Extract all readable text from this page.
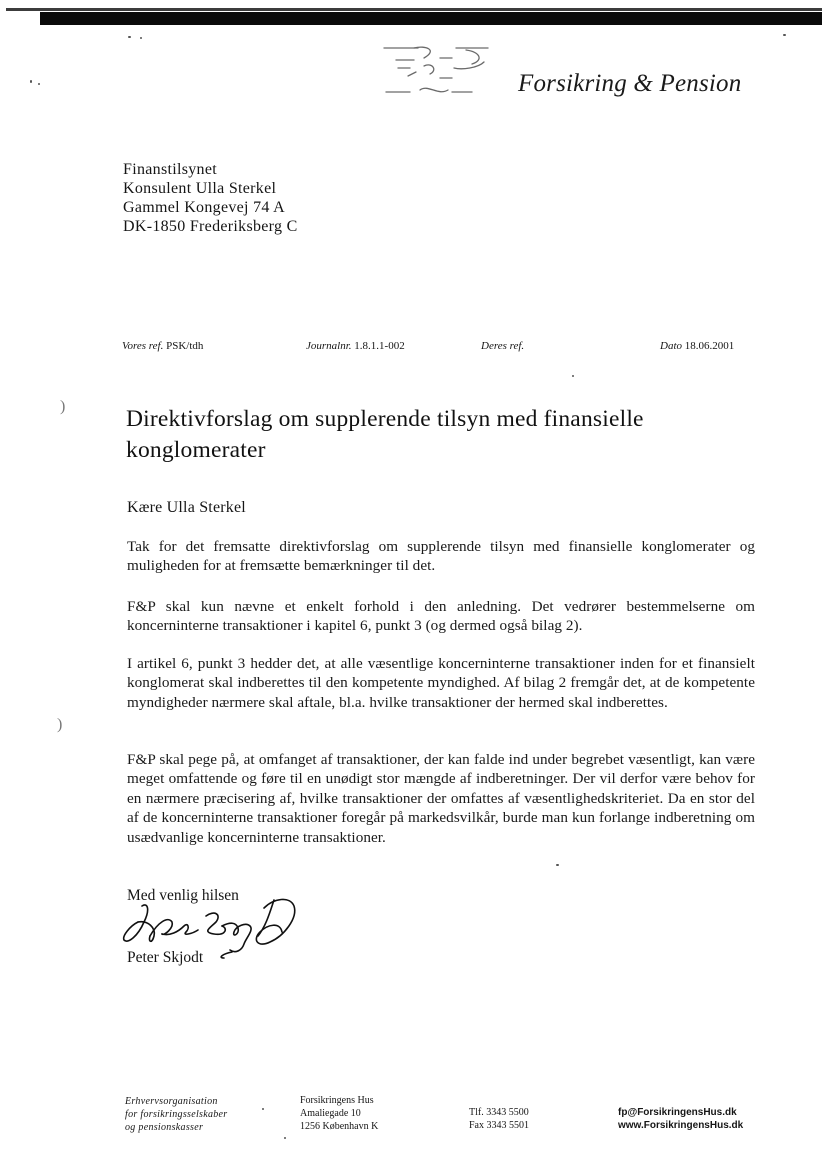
)
)
Forsikring & Pension
Finanstilsynet
Konsulent Ulla Sterkel
Gammel Kongevej 74 A
DK-1850 Frederiksberg C
Vores ref. PSK/tdh	Journalnr. 1.8.1.1-002	Deres ref.	Dato 18.06.2001
Direktivforslag om supplerende tilsyn med finansielle konglomerater
Kære Ulla Sterkel
Tak for det fremsatte direktivforslag om supplerende tilsyn med finansielle konglomerater og muligheden for at fremsætte bemærkninger til det.
F&P skal kun nævne et enkelt forhold i den anledning. Det vedrører bestemmelserne om koncerninterne transaktioner i kapitel 6, punkt 3 (og dermed også bilag 2).
I artikel 6, punkt 3 hedder det, at alle væsentlige koncerninterne transaktioner inden for et finansielt konglomerat skal indberettes til den kompetente myndighed. Af bilag 2 fremgår det, at de kompetente myndigheder nærmere skal aftale, bl.a. hvilke transaktioner der hermed skal indberettes.
F&P skal pege på, at omfanget af transaktioner, der kan falde ind under begrebet væsentligt, kan være meget omfattende og føre til en unødigt stor mængde af indberetninger. Der vil derfor være behov for en nærmere præcisering af, hvilke transaktioner der omfattes af væsentlighedskriteriet. Da en stor del af de koncerninterne transaktioner foregår på markedsvilkår, burde man kun forlange indberetning om usædvanlige koncerninterne transaktioner.
Med venlig hilsen
Peter Skjodt
Erhvervsorganisation
for forsikringsselskaber
og pensionskasser
Forsikringens Hus
Amaliegade 10
1256 København K
Tlf. 3343 5500
Fax 3343 5501
fp@ForsikringensHus.dk
www.ForsikringensHus.dk
